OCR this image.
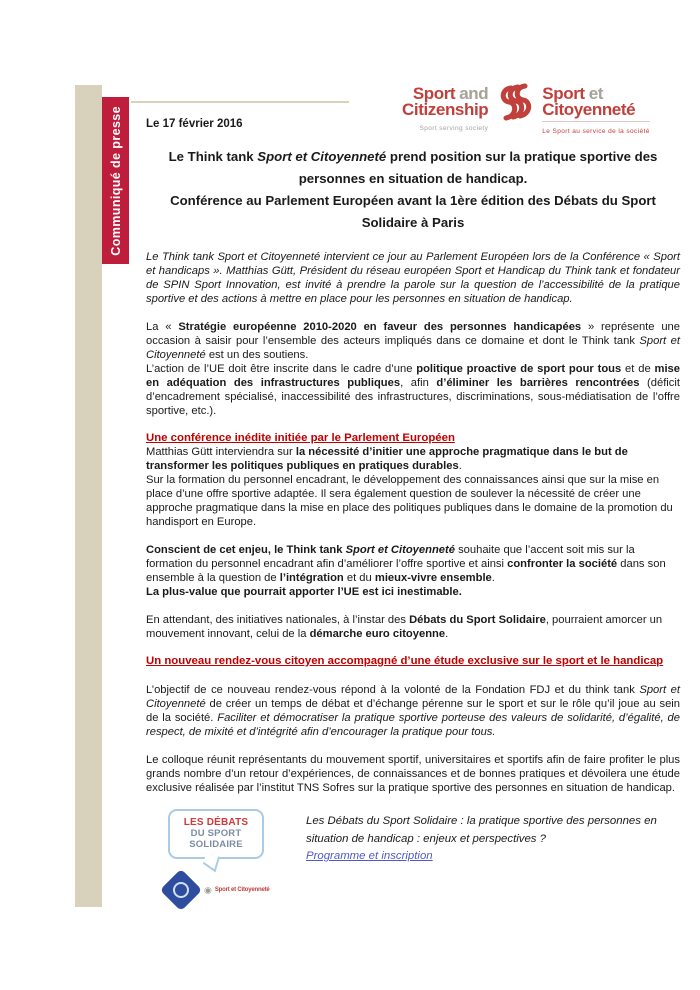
Communiqué de presse
Sport and
Citizenship
Sport serving society
Sport et
Citoyenneté
Le Sport au service de la société

Le 17 février 2016

Le Think tank Sport et Citoyenneté prend position sur la pratique sportive des personnes en situation de handicap.
Conférence au Parlement Européen avant la 1ère édition des Débats du Sport Solidaire à Paris

Le Think tank Sport et Citoyenneté intervient ce jour au Parlement Européen lors de la Conférence « Sport et handicaps ». Matthias Gütt, Président du réseau européen Sport et Handicap du Think tank et fondateur de SPIN Sport Innovation, est invité à prendre la parole sur la question de l’accessibilité de la pratique sportive et des actions à mettre en place pour les personnes en situation de handicap.

La « Stratégie européenne 2010-2020 en faveur des personnes handicapées » représente une occasion à saisir pour l’ensemble des acteurs impliqués dans ce domaine et dont le Think tank Sport et Citoyenneté est un des soutiens.
L’action de l’UE doit être inscrite dans le cadre d’une politique proactive de sport pour tous et de mise en adéquation des infrastructures publiques, afin d’éliminer les barrières rencontrées (déficit d’encadrement spécialisé, inaccessibilité des infrastructures, discriminations, sous-médiatisation de l’offre sportive, etc.).

Une conférence inédite initiée par le Parlement Européen

Matthias Gütt interviendra sur la nécessité d’initier une approche pragmatique dans le but de transformer les politiques publiques en pratiques durables.
Sur la formation du personnel encadrant, le développement des connaissances ainsi que sur la mise en place d’une offre sportive adaptée. Il sera également question de soulever la nécessité de créer une approche pragmatique dans la mise en place des politiques publiques dans le domaine de la promotion du handisport en Europe.

Conscient de cet enjeu, le Think tank Sport et Citoyenneté souhaite que l’accent soit mis sur la formation du personnel encadrant afin d’améliorer l’offre sportive et ainsi confronter la société dans son ensemble à la question de l’intégration et du mieux-vivre ensemble.
La plus-value que pourrait apporter l’UE est ici inestimable.

En attendant, des initiatives nationales, à l’instar des Débats du Sport Solidaire, pourraient amorcer un mouvement innovant, celui de la démarche euro citoyenne.

Un nouveau rendez-vous citoyen accompagné d’une étude exclusive sur le sport et le handicap

L’objectif de ce nouveau rendez-vous répond à la volonté de la Fondation FDJ et du think tank Sport et Citoyenneté de créer un temps de débat et d’échange pérenne sur le sport et sur le rôle qu’il joue au sein de la société. Faciliter et démocratiser la pratique sportive porteuse des valeurs de solidarité, d’égalité, de respect, de mixité et d’intégrité afin d’encourager la pratique pour tous.

Le colloque réunit représentants du mouvement sportif, universitaires et sportifs afin de faire profiter le plus grands nombre d’un retour d’expériences, de connaissances et de bonnes pratiques et dévoilera une étude exclusive réalisée par l’institut TNS Sofres sur la pratique sportive des personnes en situation de handicap.

LES DÉBATS
DU SPORT
SOLIDAIRE
◉ Sport et Citoyenneté
Les Débats du Sport Solidaire : la pratique sportive des personnes en situation de handicap : enjeux et perspectives ?
Programme et inscription
